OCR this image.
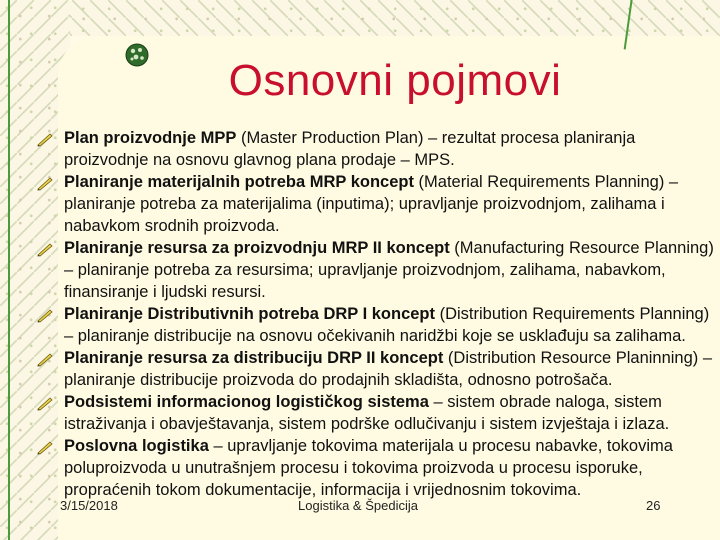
Osnovni pojmovi
Plan proizvodnje MPP (Master Production Plan) – rezultat procesa planiranja proizvodnje na osnovu glavnog plana prodaje – MPS.
Planiranje materijalnih potreba MRP koncept (Material Requirements Planning) – planiranje potreba za materijalima (inputima); upravljanje proizvodnjom, zalihama i nabavkom srodnih proizvoda.
Planiranje resursa za proizvodnju MRP II koncept (Manufacturing Resource Planning) – planiranje potreba za resursima; upravljanje proizvodnjom, zalihama, nabavkom, finansiranje i ljudski resursi.
Planiranje Distributivnih potreba DRP I koncept (Distribution Requirements Planning) – planiranje distribucije na osnovu očekivanih naridžbi koje se usklađuju sa zalihama.
Planiranje resursa za distribuciju DRP II koncept (Distribution Resource Planinning) – planiranje distribucije proizvoda do prodajnih skladišta, odnosno potrošača.
Podsistemi informacionog logističkog sistema – sistem obrade naloga, sistem istraživanja i obavještavanja, sistem podrške odlučivanju i sistem izvještaja i izlaza.
Poslovna logistika – upravljanje tokovima materijala u procesu nabavke, tokovima poluproizvoda u unutrašnjem procesu i tokovima proizvoda u procesu isporuke, propraćenih tokom dokumentacije, informacija i vrijednosnim tokovima.
3/15/2018	Logistika & Špedicija	26
